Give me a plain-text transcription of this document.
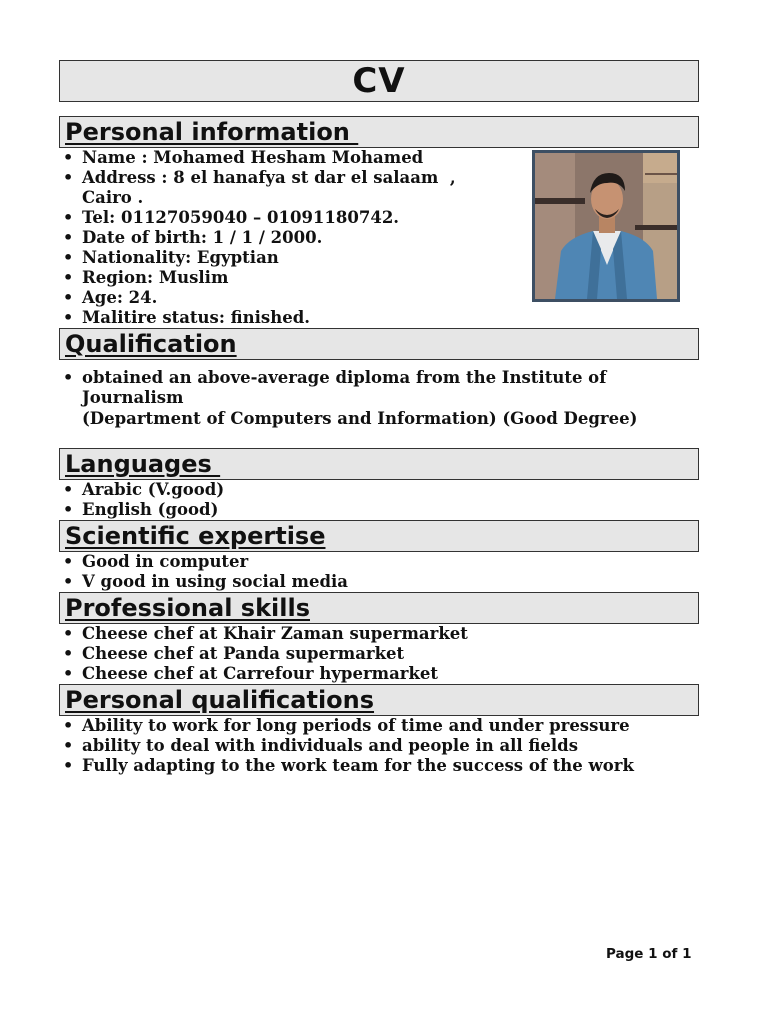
CV
Personal information
• Name : Mohamed Hesham Mohamed
• Address : 8 el hanafya st dar el salaam  ,
Cairo .
• Tel: 01127059040 – 01091180742.
• Date of birth: 1 / 1 / 2000.
• Nationality: Egyptian
• Region: Muslim
• Age: 24.
• Malitire status: finished.
Qualification
• obtained an above-average diploma from the Institute of
Journalism
(Department of Computers and Information) (Good Degree)
Languages
• Arabic (V.good)
• English (good)
Scientific expertise
• Good in computer
• V good in using social media
Professional skills
• Cheese chef at Khair Zaman supermarket
• Cheese chef at Panda supermarket
• Cheese chef at Carrefour hypermarket
Personal qualifications
• Ability to work for long periods of time and under pressure
• ability to deal with individuals and people in all fields
• Fully adapting to the work team for the success of the work
Page 1 of 1
